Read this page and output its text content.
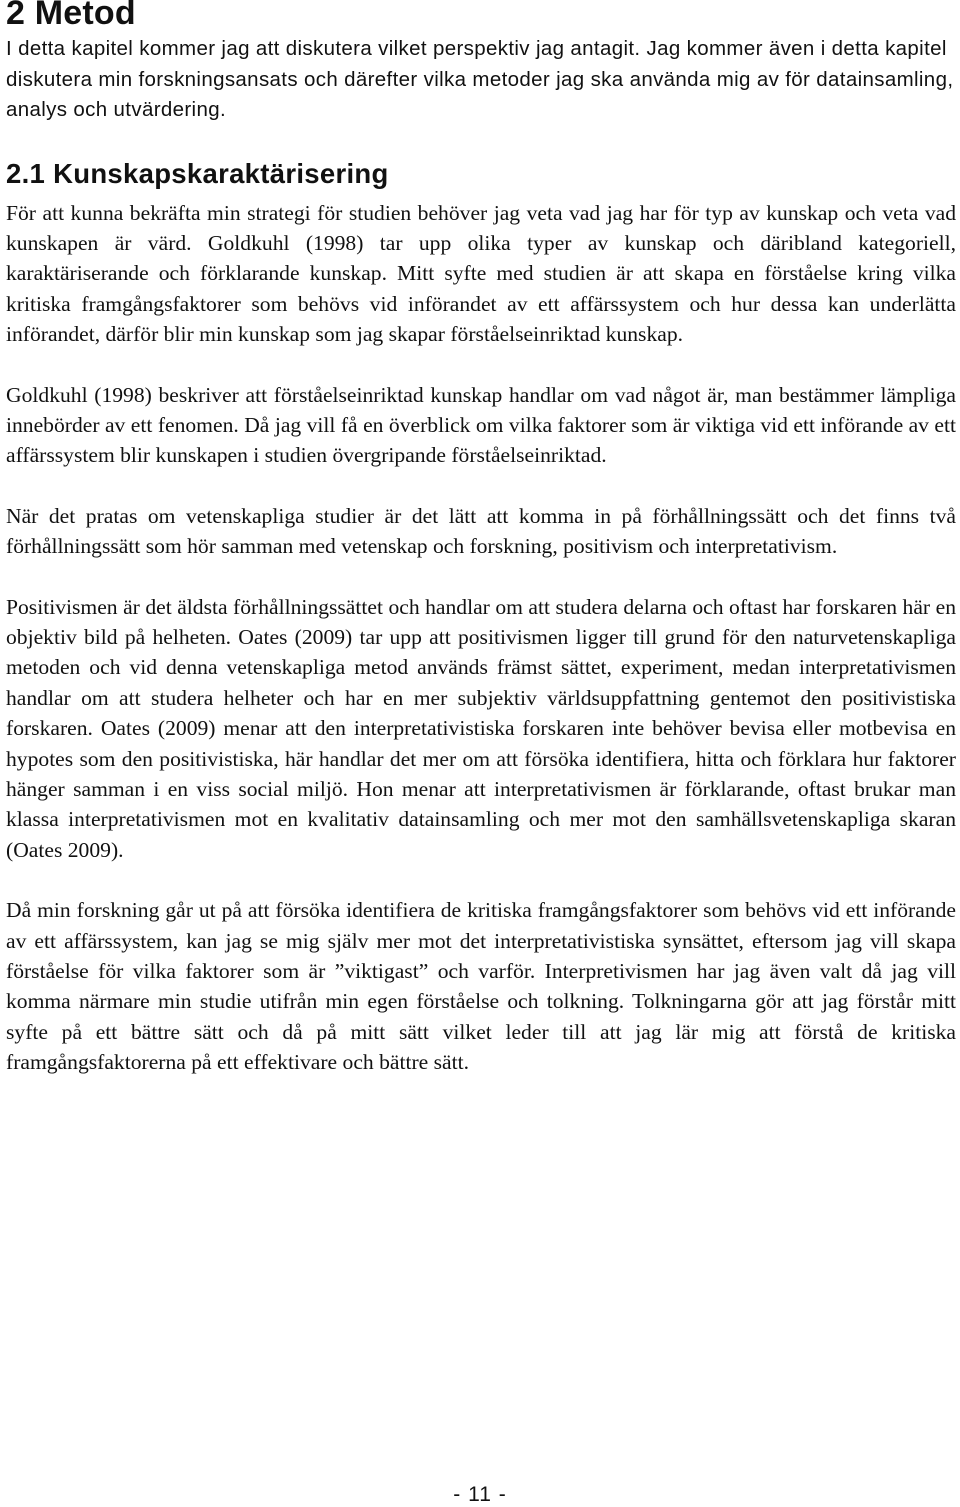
2 Metod

I detta kapitel kommer jag att diskutera vilket perspektiv jag antagit. Jag kommer även i detta kapitel diskutera min forskningsansats och därefter vilka metoder jag ska använda mig av för datainsamling, analys och utvärdering.

2.1 Kunskapskaraktärisering

För att kunna bekräfta min strategi för studien behöver jag veta vad jag har för typ av kunskap och veta vad kunskapen är värd. Goldkuhl (1998) tar upp olika typer av kunskap och däribland kategoriell, karaktäriserande och förklarande kunskap. Mitt syfte med studien är att skapa en förståelse kring vilka kritiska framgångsfaktorer som behövs vid införandet av ett affärssystem och hur dessa kan underlätta införandet, därför blir min kunskap som jag skapar förståelseinriktad kunskap.

Goldkuhl (1998) beskriver att förståelseinriktad kunskap handlar om vad något är, man bestämmer lämpliga innebörder av ett fenomen. Då jag vill få en överblick om vilka faktorer som är viktiga vid ett införande av ett affärssystem blir kunskapen i studien övergripande förståelseinriktad.

När det pratas om vetenskapliga studier är det lätt att komma in på förhållningssätt och det finns två förhållningssätt som hör samman med vetenskap och forskning, positivism och interpretativism.

Positivismen är det äldsta förhållningssättet och handlar om att studera delarna och oftast har forskaren här en objektiv bild på helheten. Oates (2009) tar upp att positivismen ligger till grund för den naturvetenskapliga metoden och vid denna vetenskapliga metod används främst sättet, experiment, medan interpretativismen handlar om att studera helheter och har en mer subjektiv världsuppfattning gentemot den positivistiska forskaren. Oates (2009) menar att den interpretativistiska forskaren inte behöver bevisa eller motbevisa en hypotes som den positivistiska, här handlar det mer om att försöka identifiera, hitta och förklara hur faktorer hänger samman i en viss social miljö. Hon menar att interpretativismen är förklarande, oftast brukar man klassa interpretativismen mot en kvalitativ datainsamling och mer mot den samhällsvetenskapliga skaran (Oates 2009).

Då min forskning går ut på att försöka identifiera de kritiska framgångsfaktorer som behövs vid ett införande av ett affärssystem, kan jag se mig själv mer mot det interpretativistiska synsättet, eftersom jag vill skapa förståelse för vilka faktorer som är ”viktigast” och varför. Interpretivismen har jag även valt då jag vill komma närmare min studie utifrån min egen förståelse och tolkning. Tolkningarna gör att jag förstår mitt syfte på ett bättre sätt och då på mitt sätt vilket leder till att jag lär mig att förstå de kritiska framgångsfaktorerna på ett effektivare och bättre sätt.

- 11 -
